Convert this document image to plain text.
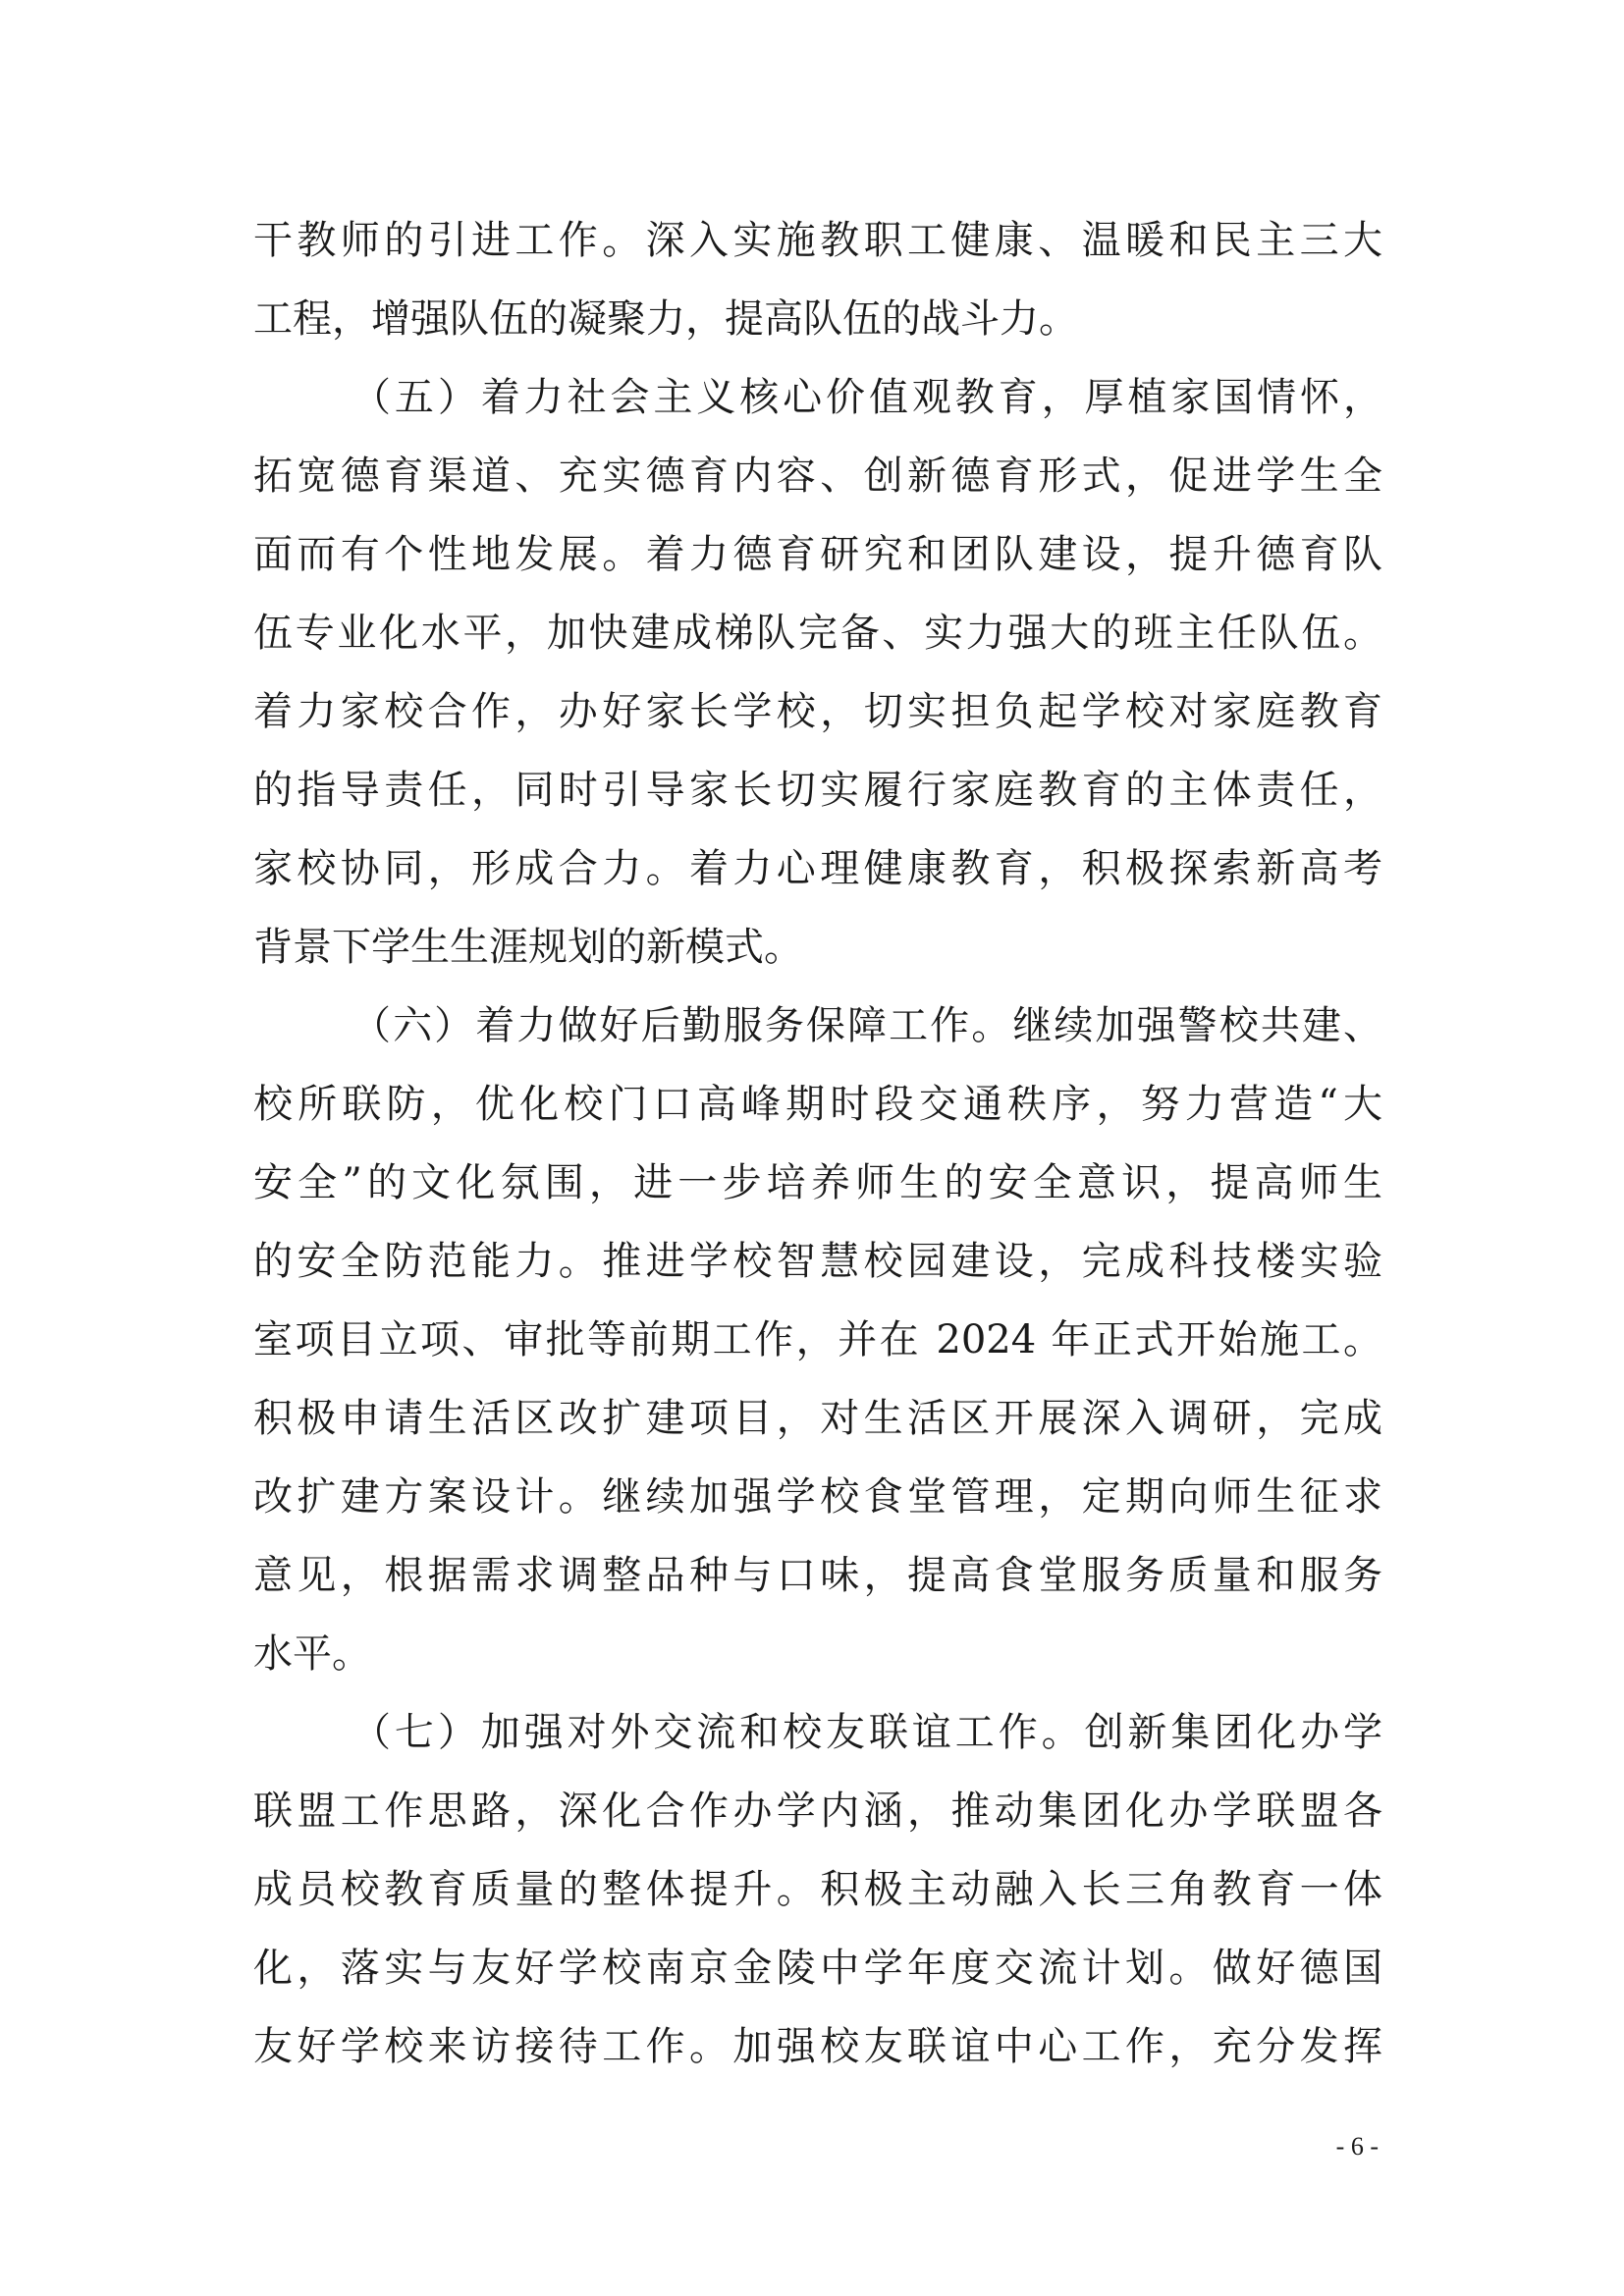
干教师的引进工作。深入实施教职工健康、温暖和民主三大
工程，增强队伍的凝聚力，提高队伍的战斗力。
（五）着力社会主义核心价值观教育，厚植家国情怀，
拓宽德育渠道、充实德育内容、创新德育形式，促进学生全
面而有个性地发展。着力德育研究和团队建设，提升德育队
伍专业化水平，加快建成梯队完备、实力强大的班主任队伍。
着力家校合作，办好家长学校，切实担负起学校对家庭教育
的指导责任，同时引导家长切实履行家庭教育的主体责任，
家校协同，形成合力。着力心理健康教育，积极探索新高考
背景下学生生涯规划的新模式。
（六）着力做好后勤服务保障工作。继续加强警校共建、
校所联防，优化校门口高峰期时段交通秩序，努力营造“大
安全”的文化氛围，进一步培养师生的安全意识，提高师生
的安全防范能力。推进学校智慧校园建设，完成科技楼实验
室项目立项、审批等前期工作，并在 2024 年正式开始施工。
积极申请生活区改扩建项目，对生活区开展深入调研，完成
改扩建方案设计。继续加强学校食堂管理，定期向师生征求
意见，根据需求调整品种与口味，提高食堂服务质量和服务
水平。
（七）加强对外交流和校友联谊工作。创新集团化办学
联盟工作思路，深化合作办学内涵，推动集团化办学联盟各
成员校教育质量的整体提升。积极主动融入长三角教育一体
化，落实与友好学校南京金陵中学年度交流计划。做好德国
友好学校来访接待工作。加强校友联谊中心工作，充分发挥
- 6 -
